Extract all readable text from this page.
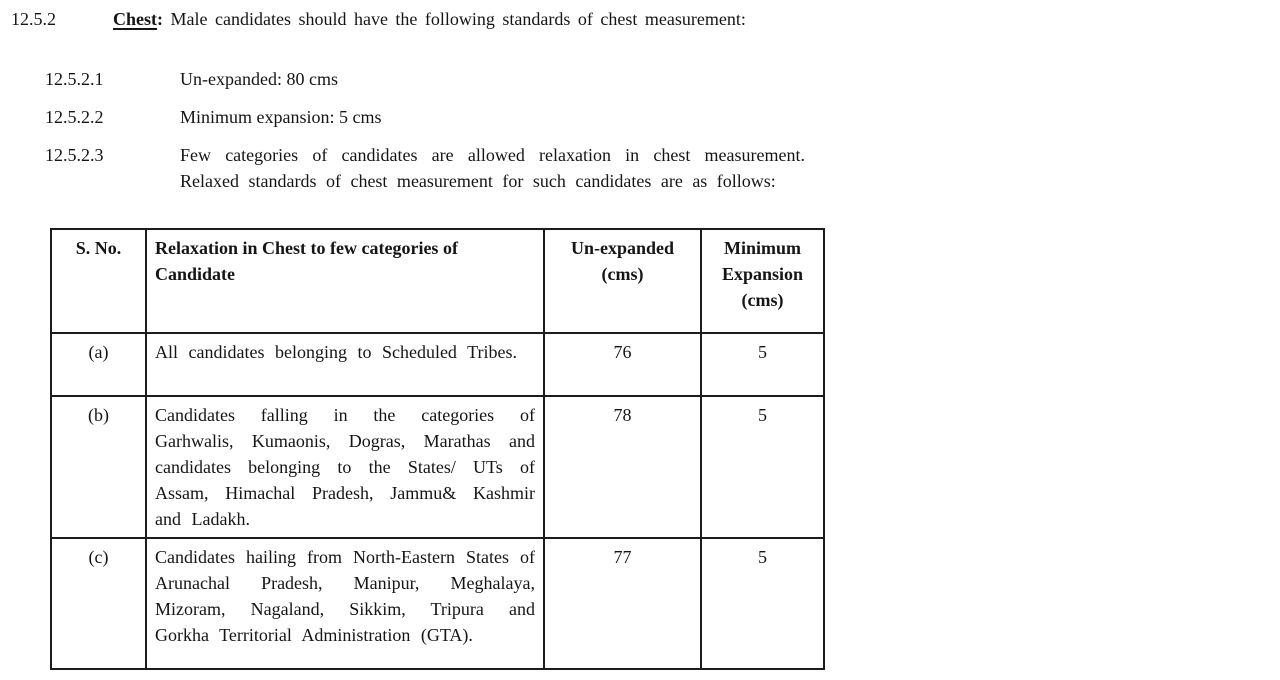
12.5.2	Chest: Male candidates should have the following standards of chest measurement:
12.5.2.1	Un-expanded: 80 cms
12.5.2.2	Minimum expansion: 5 cms
12.5.2.3	Few categories of candidates are allowed relaxation in chest measurement. Relaxed standards of chest measurement for such candidates are as follows:
S. No.	Relaxation in Chest to few categories of Candidate	Un-expanded (cms)	Minimum Expansion (cms)
(a)	All candidates belonging to Scheduled Tribes.	76	5
(b)	Candidates falling in the categories of Garhwalis, Kumaonis, Dogras, Marathas and candidates belonging to the States/ UTs of Assam, Himachal Pradesh, Jammu& Kashmir and Ladakh.	78	5
(c)	Candidates hailing from North-Eastern States of Arunachal Pradesh, Manipur, Meghalaya, Mizoram, Nagaland, Sikkim, Tripura and Gorkha Territorial Administration (GTA).	77	5
